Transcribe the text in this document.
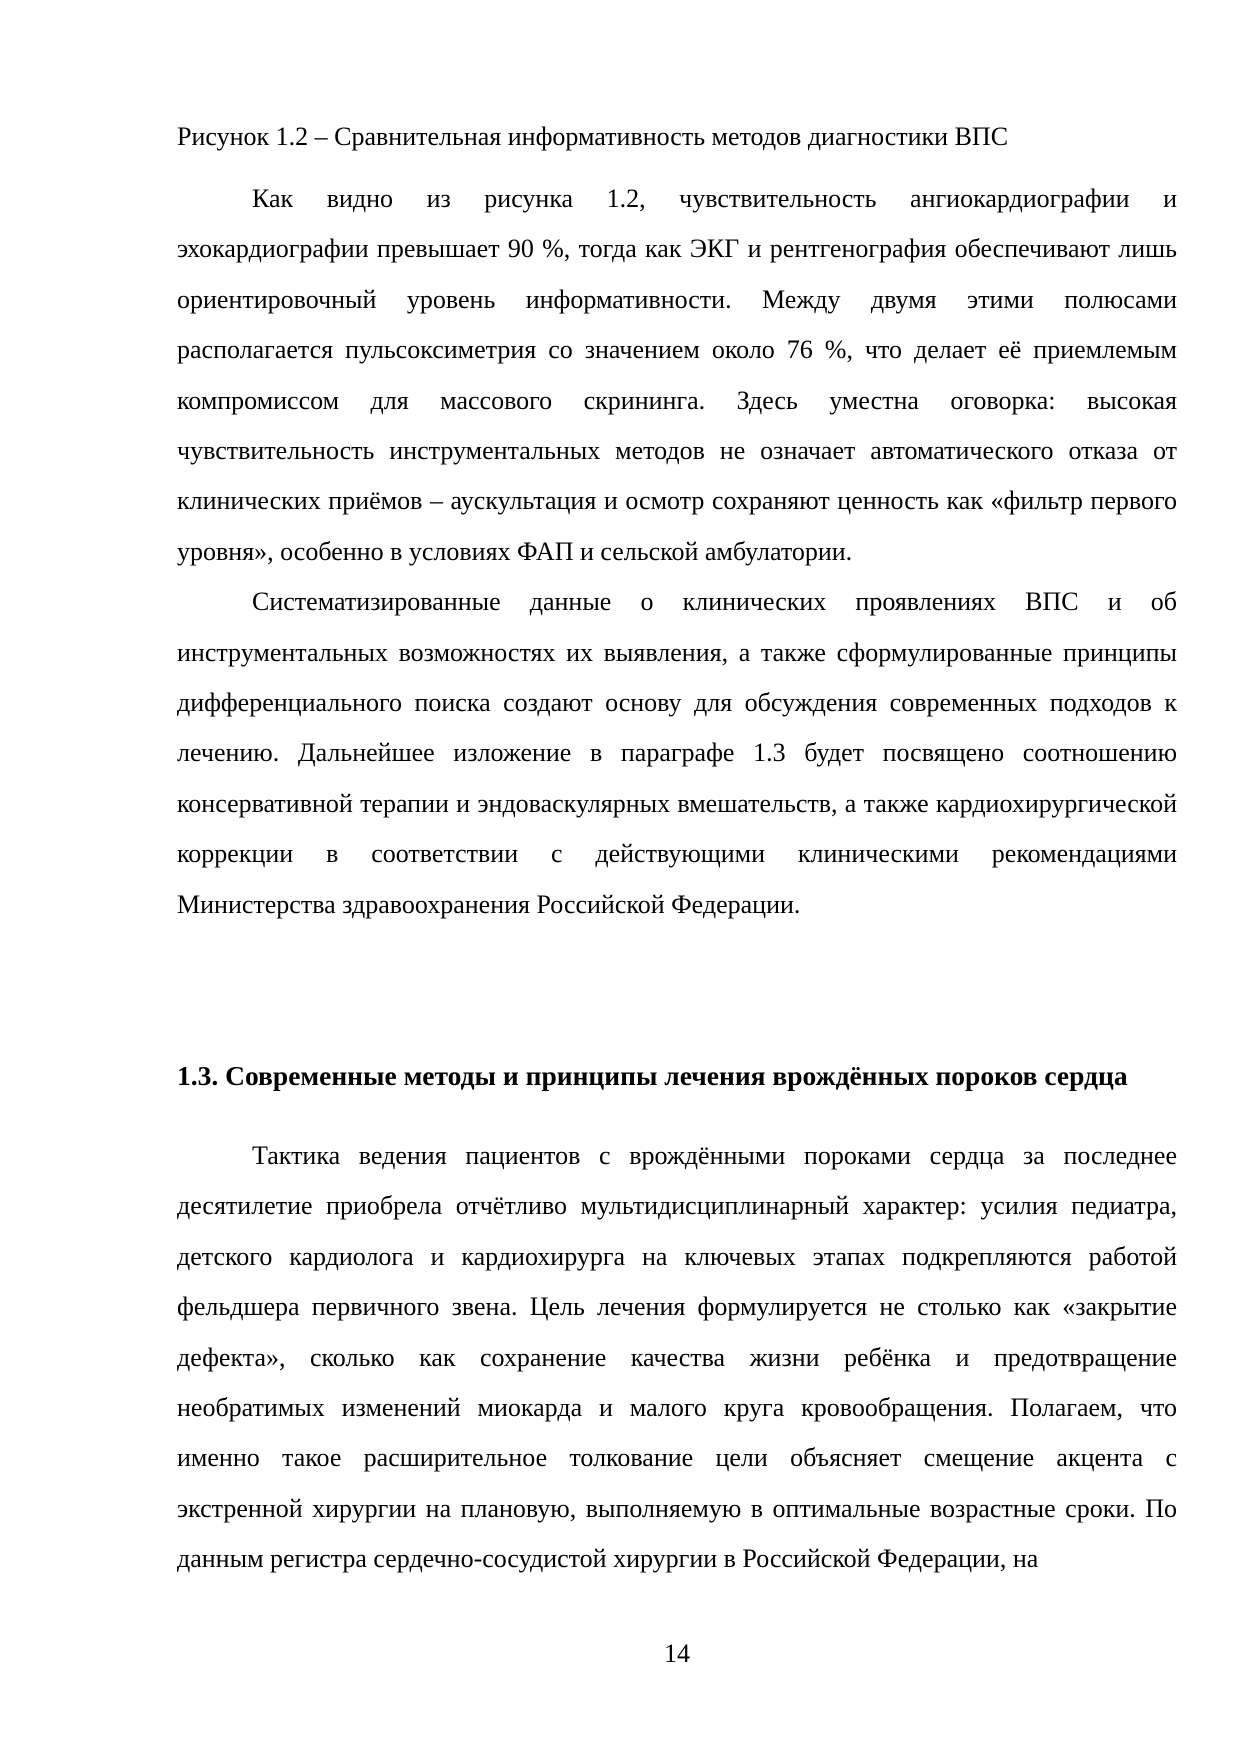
Рисунок 1.2 – Сравнительная информативность методов диагностики ВПС

Как видно из рисунка 1.2, чувствительность ангиокардиографии и эхокардиографии превышает 90 %, тогда как ЭКГ и рентгенография обеспечивают лишь ориентировочный уровень информативности. Между двумя этими полюсами располагается пульсоксиметрия со значением около 76 %, что делает её приемлемым компромиссом для массового скрининга. Здесь уместна оговорка: высокая чувствительность инструментальных методов не означает автоматического отказа от клинических приёмов – аускультация и осмотр сохраняют ценность как «фильтр первого уровня», особенно в условиях ФАП и сельской амбулатории.

Систематизированные данные о клинических проявлениях ВПС и об инструментальных возможностях их выявления, а также сформулированные принципы дифференциального поиска создают основу для обсуждения современных подходов к лечению. Дальнейшее изложение в параграфе 1.3 будет посвящено соотношению консервативной терапии и эндоваскулярных вмешательств, а также кардиохирургической коррекции в соответствии с действующими клиническими рекомендациями Министерства здравоохранения Российской Федерации.

1.3. Современные методы и принципы лечения врождённых пороков сердца

Тактика ведения пациентов с врождёнными пороками сердца за последнее десятилетие приобрела отчётливо мультидисциплинарный характер: усилия педиатра, детского кардиолога и кардиохирурга на ключевых этапах подкрепляются работой фельдшера первичного звена. Цель лечения формулируется не столько как «закрытие дефекта», сколько как сохранение качества жизни ребёнка и предотвращение необратимых изменений миокарда и малого круга кровообращения. Полагаем, что именно такое расширительное толкование цели объясняет смещение акцента с экстренной хирургии на плановую, выполняемую в оптимальные возрастные сроки. По данным регистра сердечно-сосудистой хирургии в Российской Федерации, на

14
